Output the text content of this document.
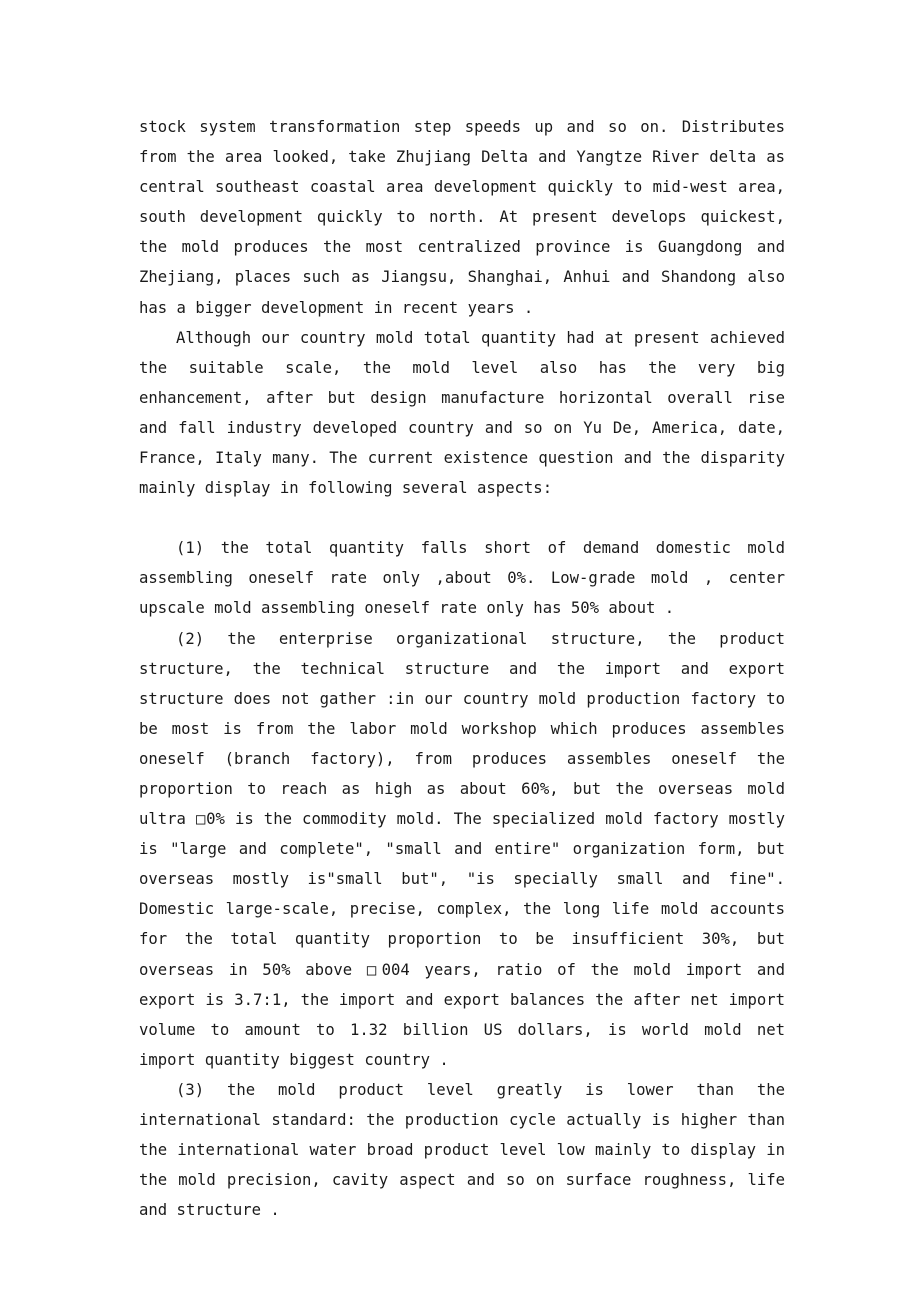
stock system transformation step speeds up and so on. Distributes from the area looked, take Zhujiang Delta and Yangtze River delta as central southeast coastal area development quickly to mid-west area, south development quickly to north. At present develops quickest, the mold produces the most centralized province is Guangdong and Zhejiang, places such as Jiangsu, Shanghai, Anhui and Shandong also has a bigger development in recent years .

Although our country mold total quantity had at present achieved the suitable scale, the mold level also has the very big enhancement, after but design manufacture horizontal overall rise and fall industry developed country and so on Yu De, America, date, France, Italy many. The current existence question and the disparity mainly display in following several aspects:

(1) the total quantity falls short of demand domestic mold assembling oneself rate only ,about 0%. Low-grade mold , center upscale mold assembling oneself rate only has 50% about .

(2) the enterprise organizational structure, the product structure, the technical structure and the import and export structure does not gather :in our country mold production factory to be most is from the labor mold workshop which produces assembles oneself (branch factory), from produces assembles oneself the proportion to reach as high as about 60%, but the overseas mold ultra □0% is the commodity mold. The specialized mold factory mostly is "large and complete", "small and entire" organization form, but overseas mostly is"small but", "is specially small and fine". Domestic large-scale, precise, complex, the long life mold accounts for the total quantity proportion to be insufficient 30%, but overseas in 50% above □004 years, ratio of the mold import and export is 3.7:1, the import and export balances the after net import volume to amount to 1.32 billion US dollars, is world mold net import quantity biggest country .

(3) the mold product level greatly is lower than the international standard: the production cycle actually is higher than the international water broad product level low mainly to display in the mold precision, cavity aspect and so on surface roughness, life and structure .
